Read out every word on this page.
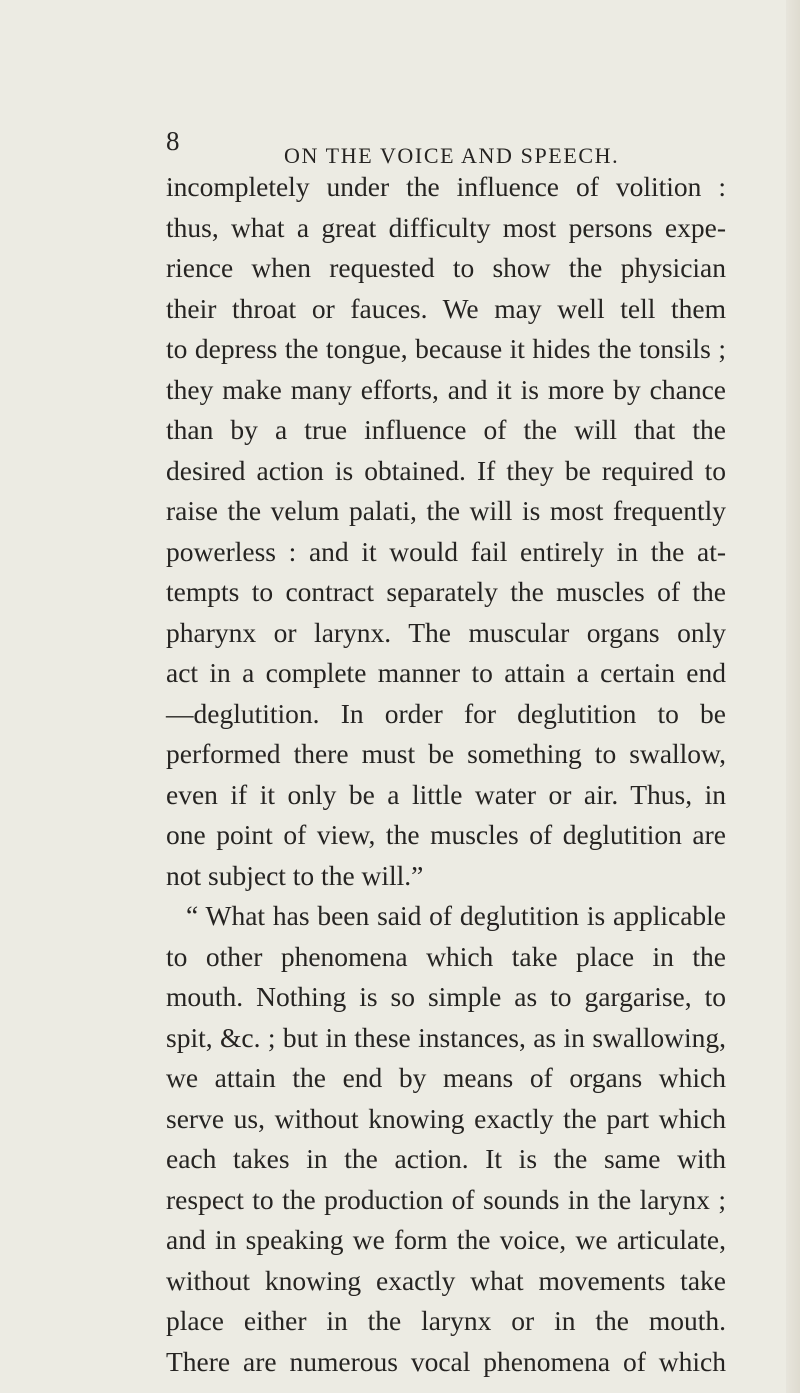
8	ON THE VOICE AND SPEECH.
incompletely under the influence of volition :
thus, what a great difficulty most persons expe-
rience when requested to show the physician
their throat or fauces. We may well tell them
to depress the tongue, because it hides the tonsils ;
they make many efforts, and it is more by chance
than by a true influence of the will that the
desired action is obtained. If they be required to
raise the velum palati, the will is most frequently
powerless : and it would fail entirely in the at-
tempts to contract separately the muscles of the
pharynx or larynx. The muscular organs only
act in a complete manner to attain a certain end
—deglutition. In order for deglutition to be
performed there must be something to swallow,
even if it only be a little water or air. Thus, in
one point of view, the muscles of deglutition are
not subject to the will.”
“ What has been said of deglutition is applicable
to other phenomena which take place in the
mouth. Nothing is so simple as to gargarise, to
spit, &c. ; but in these instances, as in swallowing,
we attain the end by means of organs which
serve us, without knowing exactly the part which
each takes in the action. It is the same with
respect to the production of sounds in the larynx ;
and in speaking we form the voice, we articulate,
without knowing exactly what movements take
place either in the larynx or in the mouth.
There are numerous vocal phenomena of which
